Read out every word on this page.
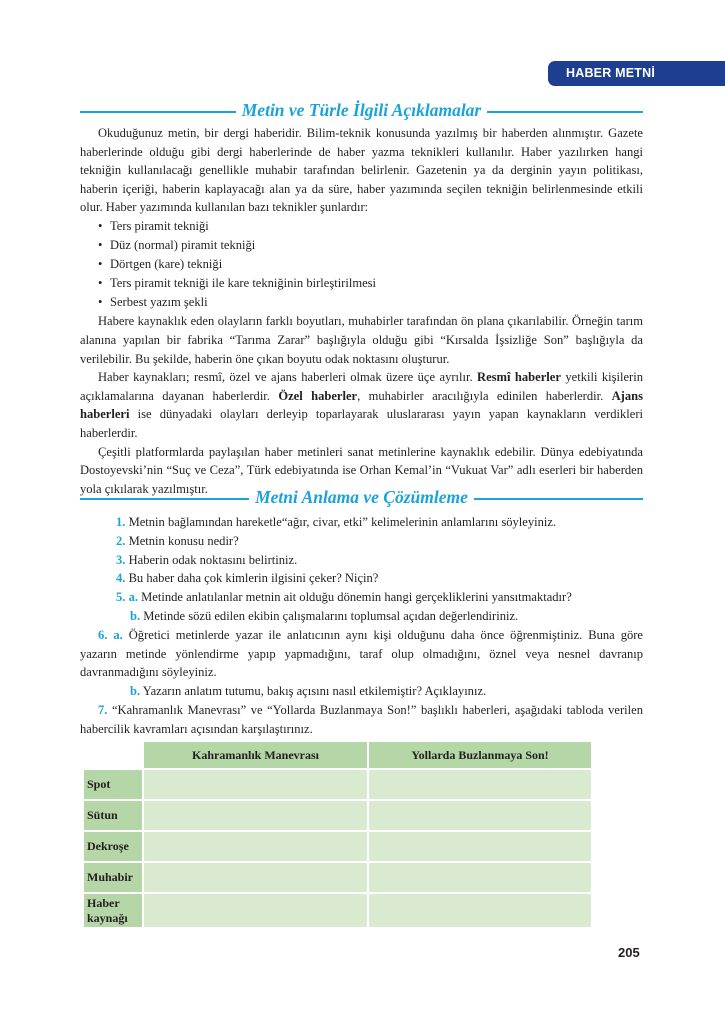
HABER METNİ
Metin ve Türle İlgili Açıklamalar

Okuduğunuz metin, bir dergi haberidir. Bilim-teknik konusunda yazılmış bir haberden alınmıştır. Gazete haberlerinde olduğu gibi dergi haberlerinde de haber yazma teknikleri kullanılır. Haber yazılırken hangi tekniğin kullanılacağı genellikle muhabir tarafından belirlenir. Gazetenin ya da derginin yayın politikası, haberin içeriği, haberin kaplayacağı alan ya da süre, haber yazımında seçilen tekniğin belirlenmesinde etkili olur. Haber yazımında kullanılan bazı teknikler şunlardır:

• Ters piramit tekniği
• Düz (normal) piramit tekniği
• Dörtgen (kare) tekniği
• Ters piramit tekniği ile kare tekniğinin birleştirilmesi
• Serbest yazım şekli

Habere kaynaklık eden olayların farklı boyutları, muhabirler tarafından ön plana çıkarılabilir. Örneğin tarım alanına yapılan bir fabrika “Tarıma Zarar” başlığıyla olduğu gibi “Kırsalda İşsizliğe Son” başlığıyla da verilebilir. Bu şekilde, haberin öne çıkan boyutu odak noktasını oluşturur.

Haber kaynakları; resmî, özel ve ajans haberleri olmak üzere üçe ayrılır. Resmî haberler yetkili kişilerin açıklamalarına dayanan haberlerdir. Özel haberler, muhabirler aracılığıyla edinilen haberlerdir. Ajans haberleri ise dünyadaki olayları derleyip toparlayarak uluslararası yayın yapan kaynakların verdikleri haberlerdir.

Çeşitli platformlarda paylaşılan haber metinleri sanat metinlerine kaynaklık edebilir. Dünya edebiyatında Dostoyevski’nin “Suç ve Ceza”, Türk edebiyatında ise Orhan Kemal’in “Vukuat Var” adlı eserleri bir haberden yola çıkılarak yazılmıştır.	Metni Anlama ve Çözümleme

1. Metnin bağlamından hareketle“ağır, civar, etki” kelimelerinin anlamlarını söyleyiniz.

2. Metnin konusu nedir?

3. Haberin odak noktasını belirtiniz.

4. Bu haber daha çok kimlerin ilgisini çeker? Niçin?

5. a. Metinde anlatılanlar metnin ait olduğu dönemin hangi gerçekliklerini yansıtmaktadır?

b. Metinde sözü edilen ekibin çalışmalarını toplumsal açıdan değerlendiriniz.

6. a. Öğretici metinlerde yazar ile anlatıcının aynı kişi olduğunu daha önce öğrenmiştiniz. Buna göre yazarın metinde yönlendirme yapıp yapmadığını, taraf olup olmadığını, öznel veya nesnel davranıp davranmadığını söyleyiniz.

b. Yazarın anlatım tutumu, bakış açısını nasıl etkilemiştir? Açıklayınız.

7. “Kahramanlık Manevrası” ve “Yollarda Buzlanmaya Son!” başlıklı haberleri, aşağıdaki tabloda verilen habercilik kavramları açısından karşılaştırınız.

	Kahramanlık Manevrası	Yollarda Buzlanmaya Son!
Spot		
Sütun		
Dekroşe		
Muhabir		
Haber kaynağı		
205
